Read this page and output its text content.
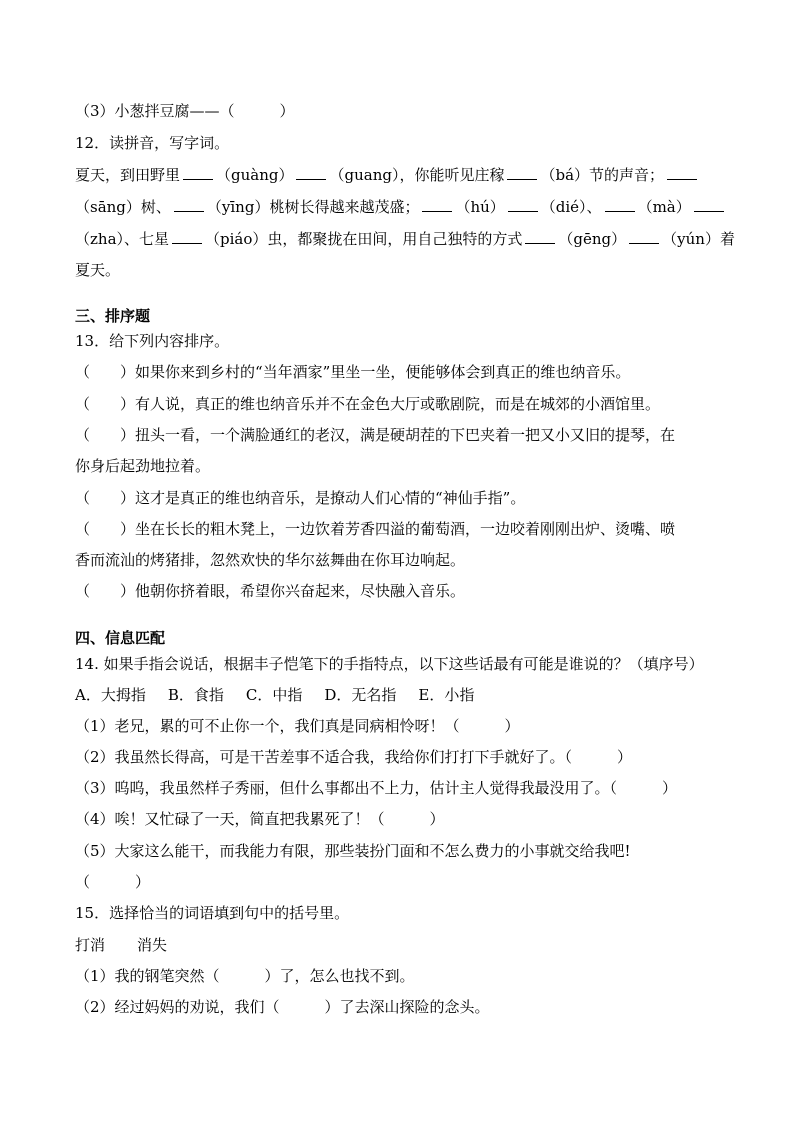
（3）小葱拌豆腐——（　　　）
12．读拼音，写字词。
夏天，到田野里 （guàng） （guang），你能听见庄稼 （bá）节的声音；
（sāng）树、 （yīng）桃树长得越来越茂盛； （hú） （dié）、 （mà）
（zha）、七星 （piáo）虫，都聚拢在田间，用自己独特的方式 （gēng） （yún）着
夏天。
三、排序题
13．给下列内容排序。
（　　）如果你来到乡村的“当年酒家”里坐一坐，便能够体会到真正的维也纳音乐。
（　　）有人说，真正的维也纳音乐并不在金色大厅或歌剧院，而是在城郊的小酒馆里。
（　　）扭头一看，一个满脸通红的老汉，满是硬胡茬的下巴夹着一把又小又旧的提琴，在
你身后起劲地拉着。
（　　）这才是真正的维也纳音乐，是撩动人们心情的“神仙手指”。
（　　）坐在长长的粗木凳上，一边饮着芳香四溢的葡萄酒，一边咬着刚刚出炉、烫嘴、喷
香而流汕的烤猪排，忽然欢快的华尔兹舞曲在你耳边响起。
（　　）他朝你挤着眼，希望你兴奋起来，尽快融入音乐。
四、信息匹配
14. 如果手指会说话，根据丰子恺笔下的手指特点，以下这些话最有可能是谁说的？（填序号）
A．大拇指 B．食指 C．中指 D．无名指 E．小指
（1）老兄，累的可不止你一个，我们真是同病相怜呀！（　　　）
（2）我虽然长得高，可是干苦差事不适合我，我给你们打打下手就好了。（　　　）
（3）呜呜，我虽然样子秀丽，但什么事都出不上力，估计主人觉得我最没用了。（　　　）
（4）唉！又忙碌了一天，简直把我累死了！（　　　）
（5）大家这么能干，而我能力有限，那些装扮门面和不怎么费力的小事就交给我吧!
（　　　）
15．选择恰当的词语填到句中的括号里。
打消 消失
（1）我的钢笔突然（　　　）了，怎么也找不到。
（2）经过妈妈的劝说，我们（　　　）了去深山探险的念头。
